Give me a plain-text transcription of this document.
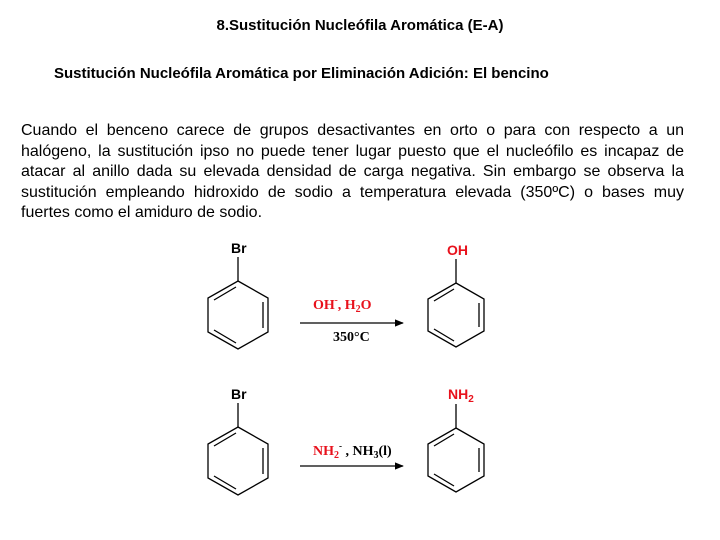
8.Sustitución Nucleófila Aromática (E-A)
Sustitución Nucleófila Aromática por Eliminación Adición: El bencino
Cuando el benceno carece de grupos desactivantes en orto o para con respecto a un halógeno, la sustitución ipso no puede tener lugar puesto que el nucleófilo es incapaz de atacar al anillo dada su elevada densidad de carga negativa. Sin embargo se observa la sustitución empleando hidroxido de sodio a temperatura elevada (350ºC) o bases muy fuertes como el amiduro de sodio.
Br
OH-, $H_2O$
350°C
OH
Br
$NH_2^-$ , $NH_3(l)$
$NH_2$
